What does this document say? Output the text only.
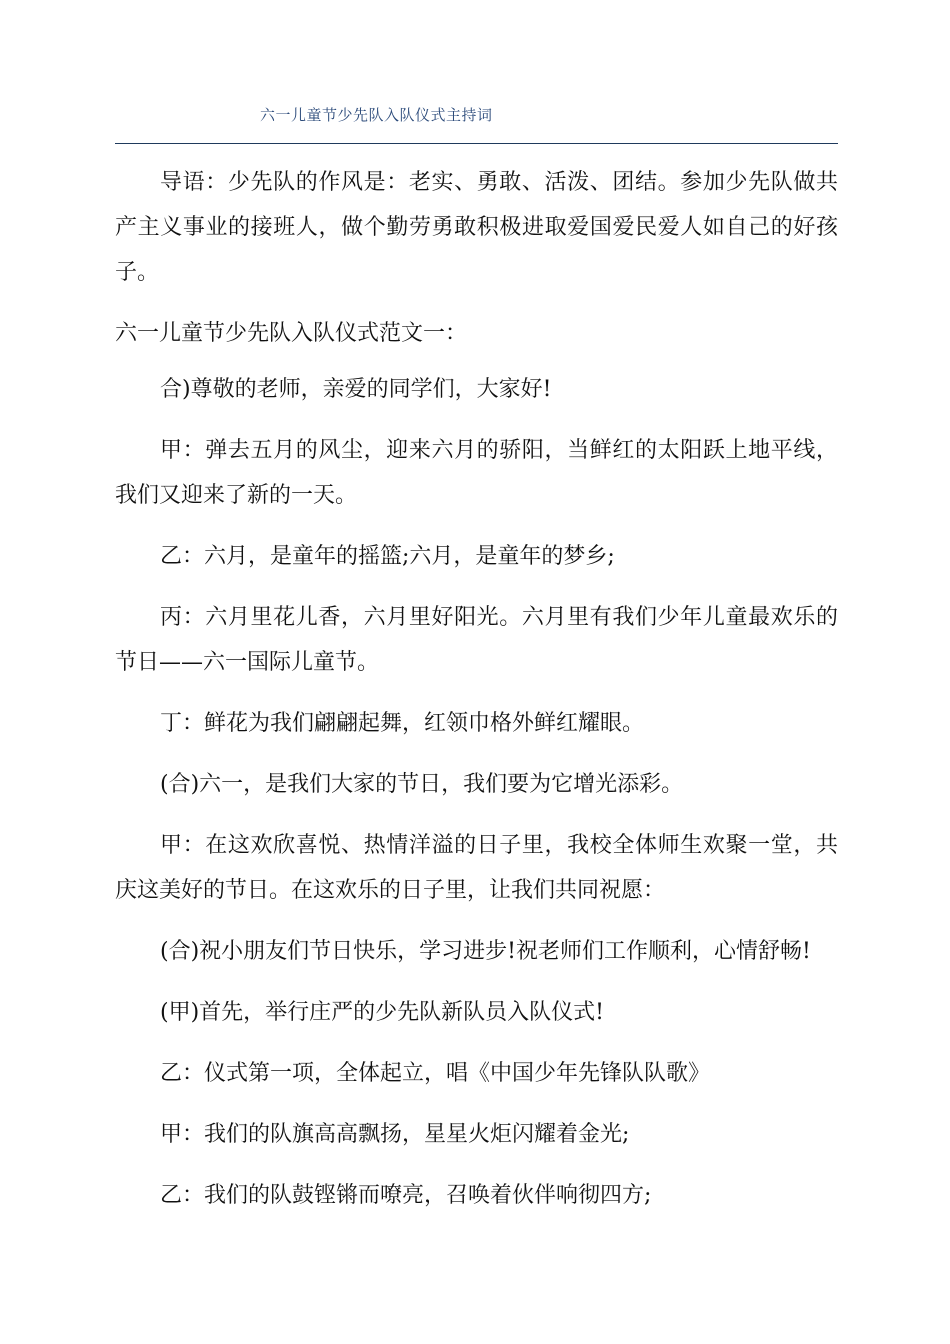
六一儿童节少先队入队仪式主持词

导语：少先队的作风是：老实、勇敢、活泼、团结。参加少先队做共产主义事业的接班人，做个勤劳勇敢积极进取爱国爱民爱人如自己的好孩子。

六一儿童节少先队入队仪式范文一：

合)尊敬的老师，亲爱的同学们，大家好!

甲：弹去五月的风尘，迎来六月的骄阳，当鲜红的太阳跃上地平线，我们又迎来了新的一天。

乙：六月，是童年的摇篮;六月，是童年的梦乡;

丙：六月里花儿香，六月里好阳光。六月里有我们少年儿童最欢乐的节日——六一国际儿童节。

丁：鲜花为我们翩翩起舞，红领巾格外鲜红耀眼。

(合)六一，是我们大家的节日，我们要为它增光添彩。

甲：在这欢欣喜悦、热情洋溢的日子里，我校全体师生欢聚一堂，共庆这美好的节日。在这欢乐的日子里，让我们共同祝愿：

(合)祝小朋友们节日快乐，学习进步!祝老师们工作顺利，心情舒畅!

(甲)首先，举行庄严的少先队新队员入队仪式!

乙：仪式第一项，全体起立，唱《中国少年先锋队队歌》

甲：我们的队旗高高飘扬，星星火炬闪耀着金光;

乙：我们的队鼓铿锵而嘹亮，召唤着伙伴响彻四方;
